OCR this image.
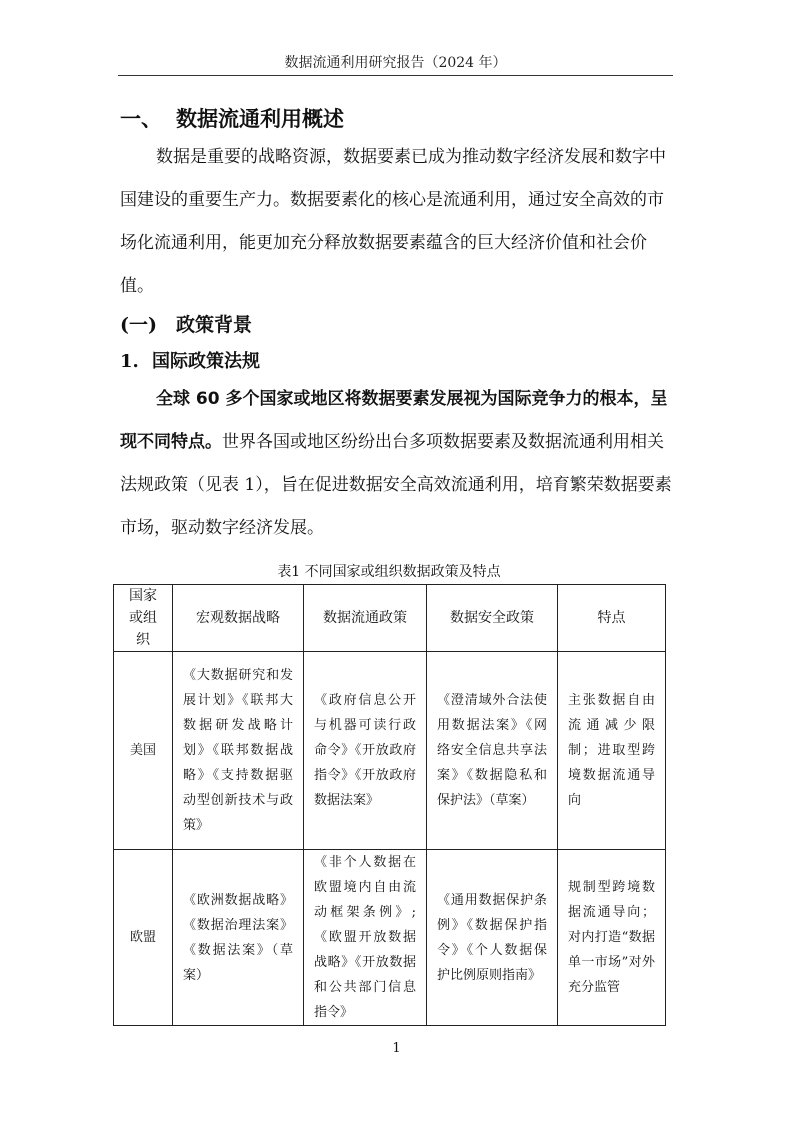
数据流通利用研究报告（2024 年）
一、 数据流通利用概述

数据是重要的战略资源，数据要素已成为推动数字经济发展和数字中国建设的重要生产力。数据要素化的核心是流通利用，通过安全高效的市场化流通利用，能更加充分释放数据要素蕴含的巨大经济价值和社会价值。

(一) 政策背景
1. 国际政策法规

全球 60 多个国家或地区将数据要素发展视为国际竞争力的根本，呈现不同特点。世界各国或地区纷纷出台多项数据要素及数据流通利用相关法规政策（见表 1），旨在促进数据安全高效流通利用，培育繁荣数据要素市场，驱动数字经济发展。

表1 不同国家或组织数据政策及特点
国家或组织	宏观数据战略	数据流通政策	数据安全政策	特点
美国	《大数据研究和发展计划》《联邦大数据研发战略计划》《联邦数据战略》《支持数据驱动型创新技术与政策》	《政府信息公开与机器可读行政命令》《开放政府指令》《开放政府数据法案》	《澄清域外合法使用数据法案》《网络安全信息共享法案》《数据隐私和保护法》（草案）	主张数据自由流通减少限制；进取型跨境数据流通导向
欧盟	《欧洲数据战略》《数据治理法案》《数据法案》（草案）	《非个人数据在欧盟境内自由流动框架条例》;《欧盟开放数据战略》《开放数据和公共部门信息指令》	《通用数据保护条例》《数据保护指令》《个人数据保护比例原则指南》	规制型跨境数据流通导向；对内打造“数据单一市场”对外充分监管
1
